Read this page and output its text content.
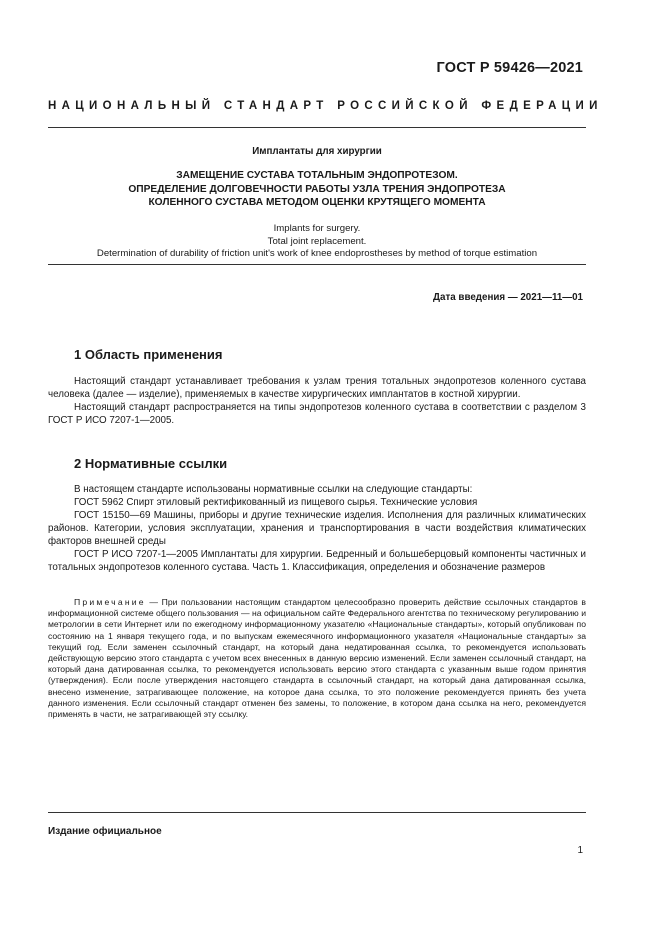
ГОСТ Р 59426—2021
НАЦИОНАЛЬНЫЙ СТАНДАРТ РОССИЙСКОЙ ФЕДЕРАЦИИ
Имплантаты для хирургии
ЗАМЕЩЕНИЕ СУСТАВА ТОТАЛЬНЫМ ЭНДОПРОТЕЗОМ.
ОПРЕДЕЛЕНИЕ ДОЛГОВЕЧНОСТИ РАБОТЫ УЗЛА ТРЕНИЯ ЭНДОПРОТЕЗА
КОЛЕННОГО СУСТАВА МЕТОДОМ ОЦЕНКИ КРУТЯЩЕГО МОМЕНТА
Implants for surgery.
Total joint replacement.
Determination of durability of friction unit's work of knee endoprostheses by method of torque estimation
Дата введения — 2021—11—01
1 Область применения

Настоящий стандарт устанавливает требования к узлам трения тотальных эндопротезов коленного сустава человека (далее — изделие), применяемых в качестве хирургических имплантатов в костной хирургии.

Настоящий стандарт распространяется на типы эндопротезов коленного сустава в соответствии с разделом 3 ГОСТ Р ИСО 7207-1—2005.

2 Нормативные ссылки

В настоящем стандарте использованы нормативные ссылки на следующие стандарты:

ГОСТ 5962 Спирт этиловый ректификованный из пищевого сырья. Технические условия

ГОСТ 15150—69 Машины, приборы и другие технические изделия. Исполнения для различных климатических районов. Категории, условия эксплуатации, хранения и транспортирования в части воздействия климатических факторов внешней среды

ГОСТ Р ИСО 7207-1—2005 Имплантаты для хирургии. Бедренный и большеберцовый компоненты частичных и тотальных эндопротезов коленного сустава. Часть 1. Классификация, определения и обозначение размеров

Примечание — При пользовании настоящим стандартом целесообразно проверить действие ссылочных стандартов в информационной системе общего пользования — на официальном сайте Федерального агентства по техническому регулированию и метрологии в сети Интернет или по ежегодному информационному указателю «Национальные стандарты», который опубликован по состоянию на 1 января текущего года, и по выпускам ежемесячного информационного указателя «Национальные стандарты» за текущий год. Если заменен ссылочный стандарт, на который дана недатированная ссылка, то рекомендуется использовать действующую версию этого стандарта с учетом всех внесенных в данную версию изменений. Если заменен ссылочный стандарт, на который дана датированная ссылка, то рекомендуется использовать версию этого стандарта с указанным выше годом принятия (утверждения). Если после утверждения настоящего стандарта в ссылочный стандарт, на который дана датированная ссылка, внесено изменение, затрагивающее положение, на которое дана ссылка, то это положение рекомендуется принять без учета данного изменения. Если ссылочный стандарт отменен без замены, то положение, в котором дана ссылка на него, рекомендуется применять в части, не затрагивающей эту ссылку.

Издание официальное
1
